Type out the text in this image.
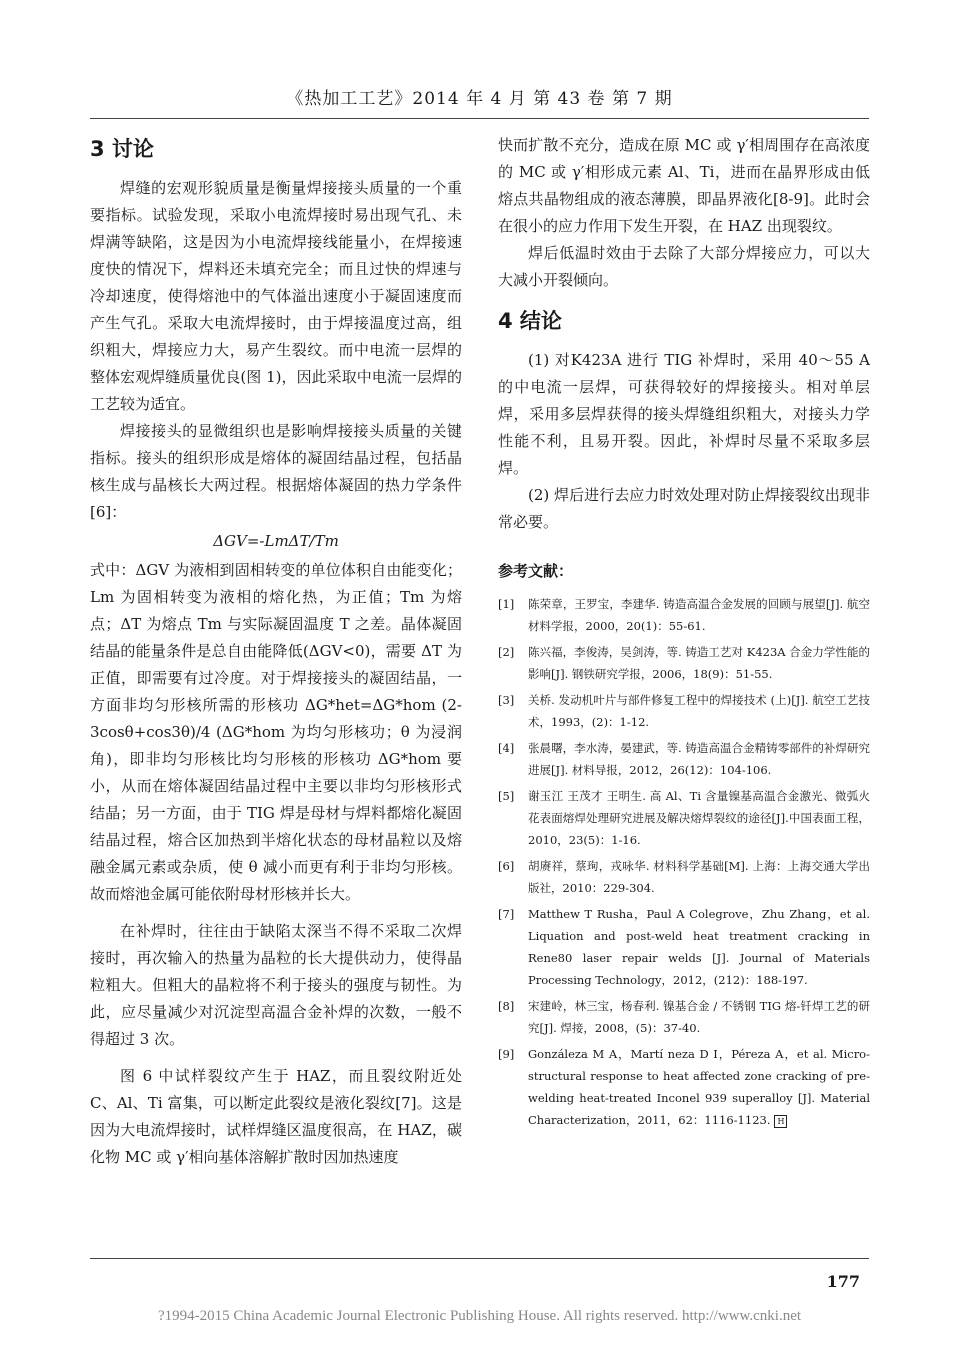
《热加工工艺》2014 年 4 月 第 43 卷 第 7 期
3 讨论

焊缝的宏观形貌质量是衡量焊接接头质量的一个重要指标。试验发现，采取小电流焊接时易出现气孔、未焊满等缺陷，这是因为小电流焊接线能量小，在焊接速度快的情况下，焊料还未填充完全；而且过快的焊速与冷却速度，使得熔池中的气体溢出速度小于凝固速度而产生气孔。采取大电流焊接时，由于焊接温度过高，组织粗大，焊接应力大，易产生裂纹。而中电流一层焊的整体宏观焊缝质量优良(图 1)，因此采取中电流一层焊的工艺较为适宜。

焊接接头的显微组织也是影响焊接接头质量的关键指标。接头的组织形成是熔体的凝固结晶过程，包括晶核生成与晶核长大两过程。根据熔体凝固的热力学条件[6]：

ΔGV=-LmΔT/Tm

式中：ΔGV 为液相到固相转变的单位体积自由能变化；Lm 为固相转变为液相的熔化热，为正值；Tm 为熔点；ΔT 为熔点 Tm 与实际凝固温度 T 之差。晶体凝固结晶的能量条件是总自由能降低(ΔGV<0)，需要 ΔT 为正值，即需要有过冷度。对于焊接接头的凝固结晶，一方面非均匀形核所需的形核功 ΔG*het=ΔG*hom (2-3cosθ+cos3θ)/4 (ΔG*hom 为均匀形核功；θ 为浸润角)，即非均匀形核比均匀形核的形核功 ΔG*hom 要小，从而在熔体凝固结晶过程中主要以非均匀形核形式结晶；另一方面，由于 TIG 焊是母材与焊料都熔化凝固结晶过程，熔合区加热到半熔化状态的母材晶粒以及熔融金属元素或杂质，使 θ 减小而更有利于非均匀形核。故而熔池金属可能依附母材形核并长大。

在补焊时，往往由于缺陷太深当不得不采取二次焊接时，再次输入的热量为晶粒的长大提供动力，使得晶粒粗大。但粗大的晶粒将不利于接头的强度与韧性。为此，应尽量减少对沉淀型高温合金补焊的次数，一般不得超过 3 次。

图 6 中试样裂纹产生于 HAZ，而且裂纹附近处 C、Al、Ti 富集，可以断定此裂纹是液化裂纹[7]。这是因为大电流焊接时，试样焊缝区温度很高，在 HAZ，碳化物 MC 或 γ′相向基体溶解扩散时因加热速度

快而扩散不充分，造成在原 MC 或 γ′相周围存在高浓度的 MC 或 γ′相形成元素 Al、Ti，进而在晶界形成由低熔点共晶物组成的液态薄膜，即晶界液化[8-9]。此时会在很小的应力作用下发生开裂，在 HAZ 出现裂纹。

焊后低温时效由于去除了大部分焊接应力，可以大大减小开裂倾向。

4 结论

(1) 对K423A 进行 TIG 补焊时，采用 40～55 A 的中电流一层焊，可获得较好的焊接接头。相对单层焊，采用多层焊获得的接头焊缝组织粗大，对接头力学性能不利，且易开裂。因此，补焊时尽量不采取多层焊。

(2) 焊后进行去应力时效处理对防止焊接裂纹出现非常必要。

参考文献：
[1]	陈荣章，王罗宝，李建华. 铸造高温合金发展的回顾与展望[J]. 航空材料学报，2000，20(1)：55-61.
[2]	陈兴福，李俊涛，吴剑涛，等. 铸造工艺对 K423A 合金力学性能的影响[J]. 钢铁研究学报，2006，18(9)：51-55.
[3]	关桥. 发动机叶片与部件修复工程中的焊接技术 (上)[J]. 航空工艺技术，1993，(2)：1-12.
[4]	张晨曙，李水涛，晏建武，等. 铸造高温合金精铸零部件的补焊研究进展[J]. 材料导报，2012，26(12)：104-106.
[5]	谢玉江 王茂才 王明生. 高 Al、Ti 含量镍基高温合金激光、微弧火花表面熔焊处理研究进展及解决熔焊裂纹的途径[J].中国表面工程，2010，23(5)：1-16.
[6]	胡赓祥，蔡珣，戎咏华. 材料科学基础[M]. 上海：上海交通大学出版社，2010：229-304.
[7]	Matthew T Rusha，Paul A Colegrove，Zhu Zhang，et al. Liquation and post-weld heat treatment cracking in Rene80 laser repair welds [J]. Journal of Materials Processing Technology，2012，(212)：188-197.
[8]	宋建岭，林三宝，杨春利. 镍基合金 / 不锈钢 TIG 熔-钎焊工艺的研究[J]. 焊接，2008，(5)：37-40.
[9]	Gonzáleza M A，Martí neza D I，Péreza A，et al. Micro-structural response to heat affected zone cracking of pre-welding heat-treated Inconel 939 superalloy [J]. Material Characterization，2011，62：1116-1123. H
177
?1994-2015 China Academic Journal Electronic Publishing House. All rights reserved. http://www.cnki.net
